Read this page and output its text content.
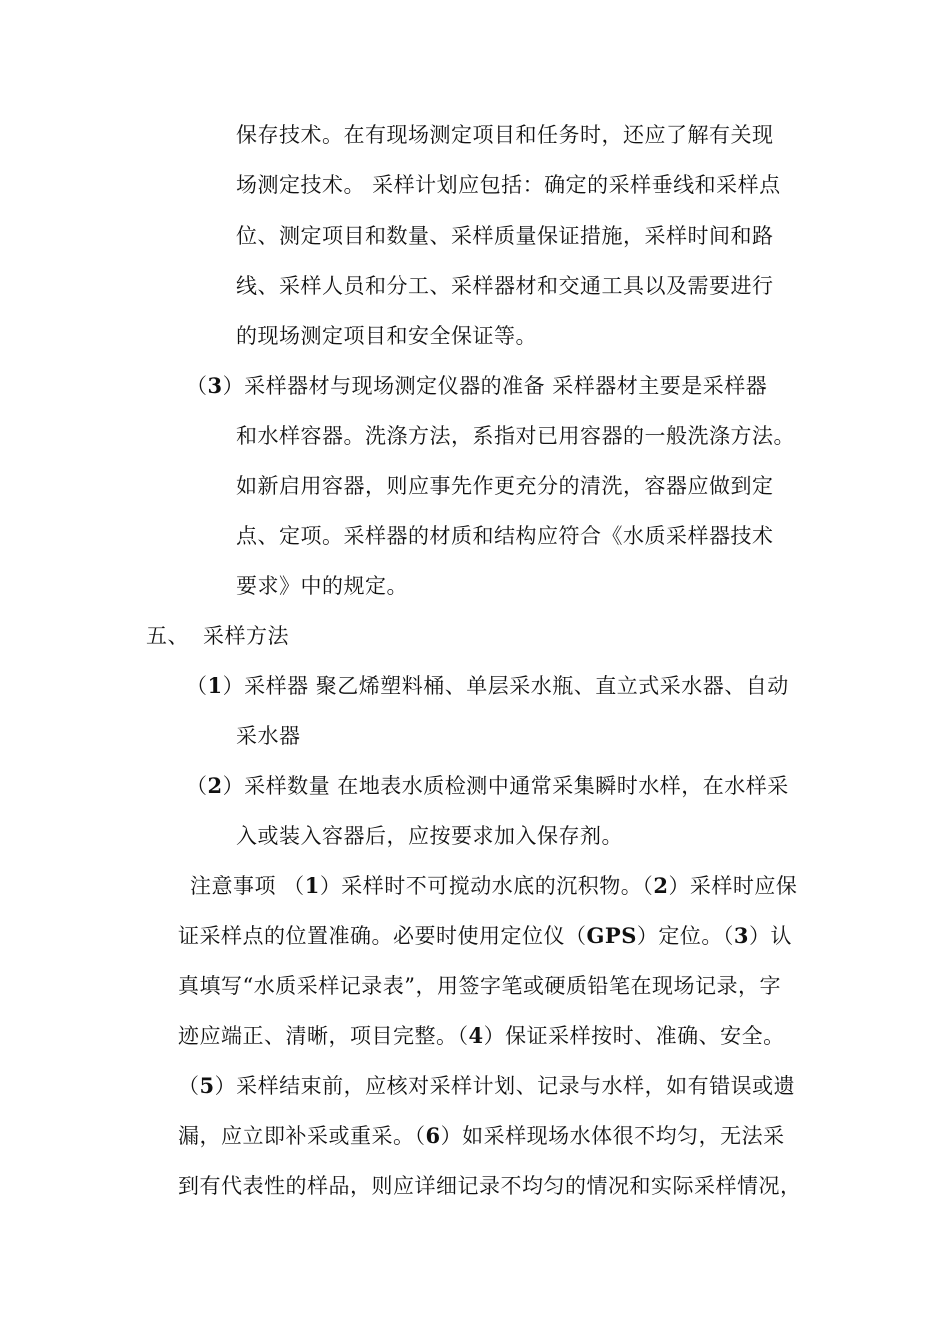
保存技术。在有现场测定项目和任务时，还应了解有关现
场测定技术。 采样计划应包括：确定的采样垂线和采样点
位、测定项目和数量、采样质量保证措施，采样时间和路
线、采样人员和分工、采样器材和交通工具以及需要进行
的现场测定项目和安全保证等。
（3）采样器材与现场测定仪器的准备 采样器材主要是采样器
和水样容器。洗涤方法，系指对已用容器的一般洗涤方法。
如新启用容器，则应事先作更充分的清洗，容器应做到定
点、定项。采样器的材质和结构应符合《水质采样器技术
要求》中的规定。
五、 采样方法
（1）采样器 聚乙烯塑料桶、单层采水瓶、直立式采水器、自动
采水器
（2）采样数量 在地表水质检测中通常采集瞬时水样，在水样采
入或装入容器后，应按要求加入保存剂。
注意事项 （1）采样时不可搅动水底的沉积物。（2）采样时应保
证采样点的位置准确。必要时使用定位仪（GPS）定位。（3）认
真填写“水质采样记录表”，用签字笔或硬质铅笔在现场记录，字
迹应端正、清晰，项目完整。（4）保证采样按时、准确、安全。
（5）采样结束前，应核对采样计划、记录与水样，如有错误或遗
漏，应立即补采或重采。（6）如采样现场水体很不均匀，无法采
到有代表性的样品，则应详细记录不均匀的情况和实际采样情况，
